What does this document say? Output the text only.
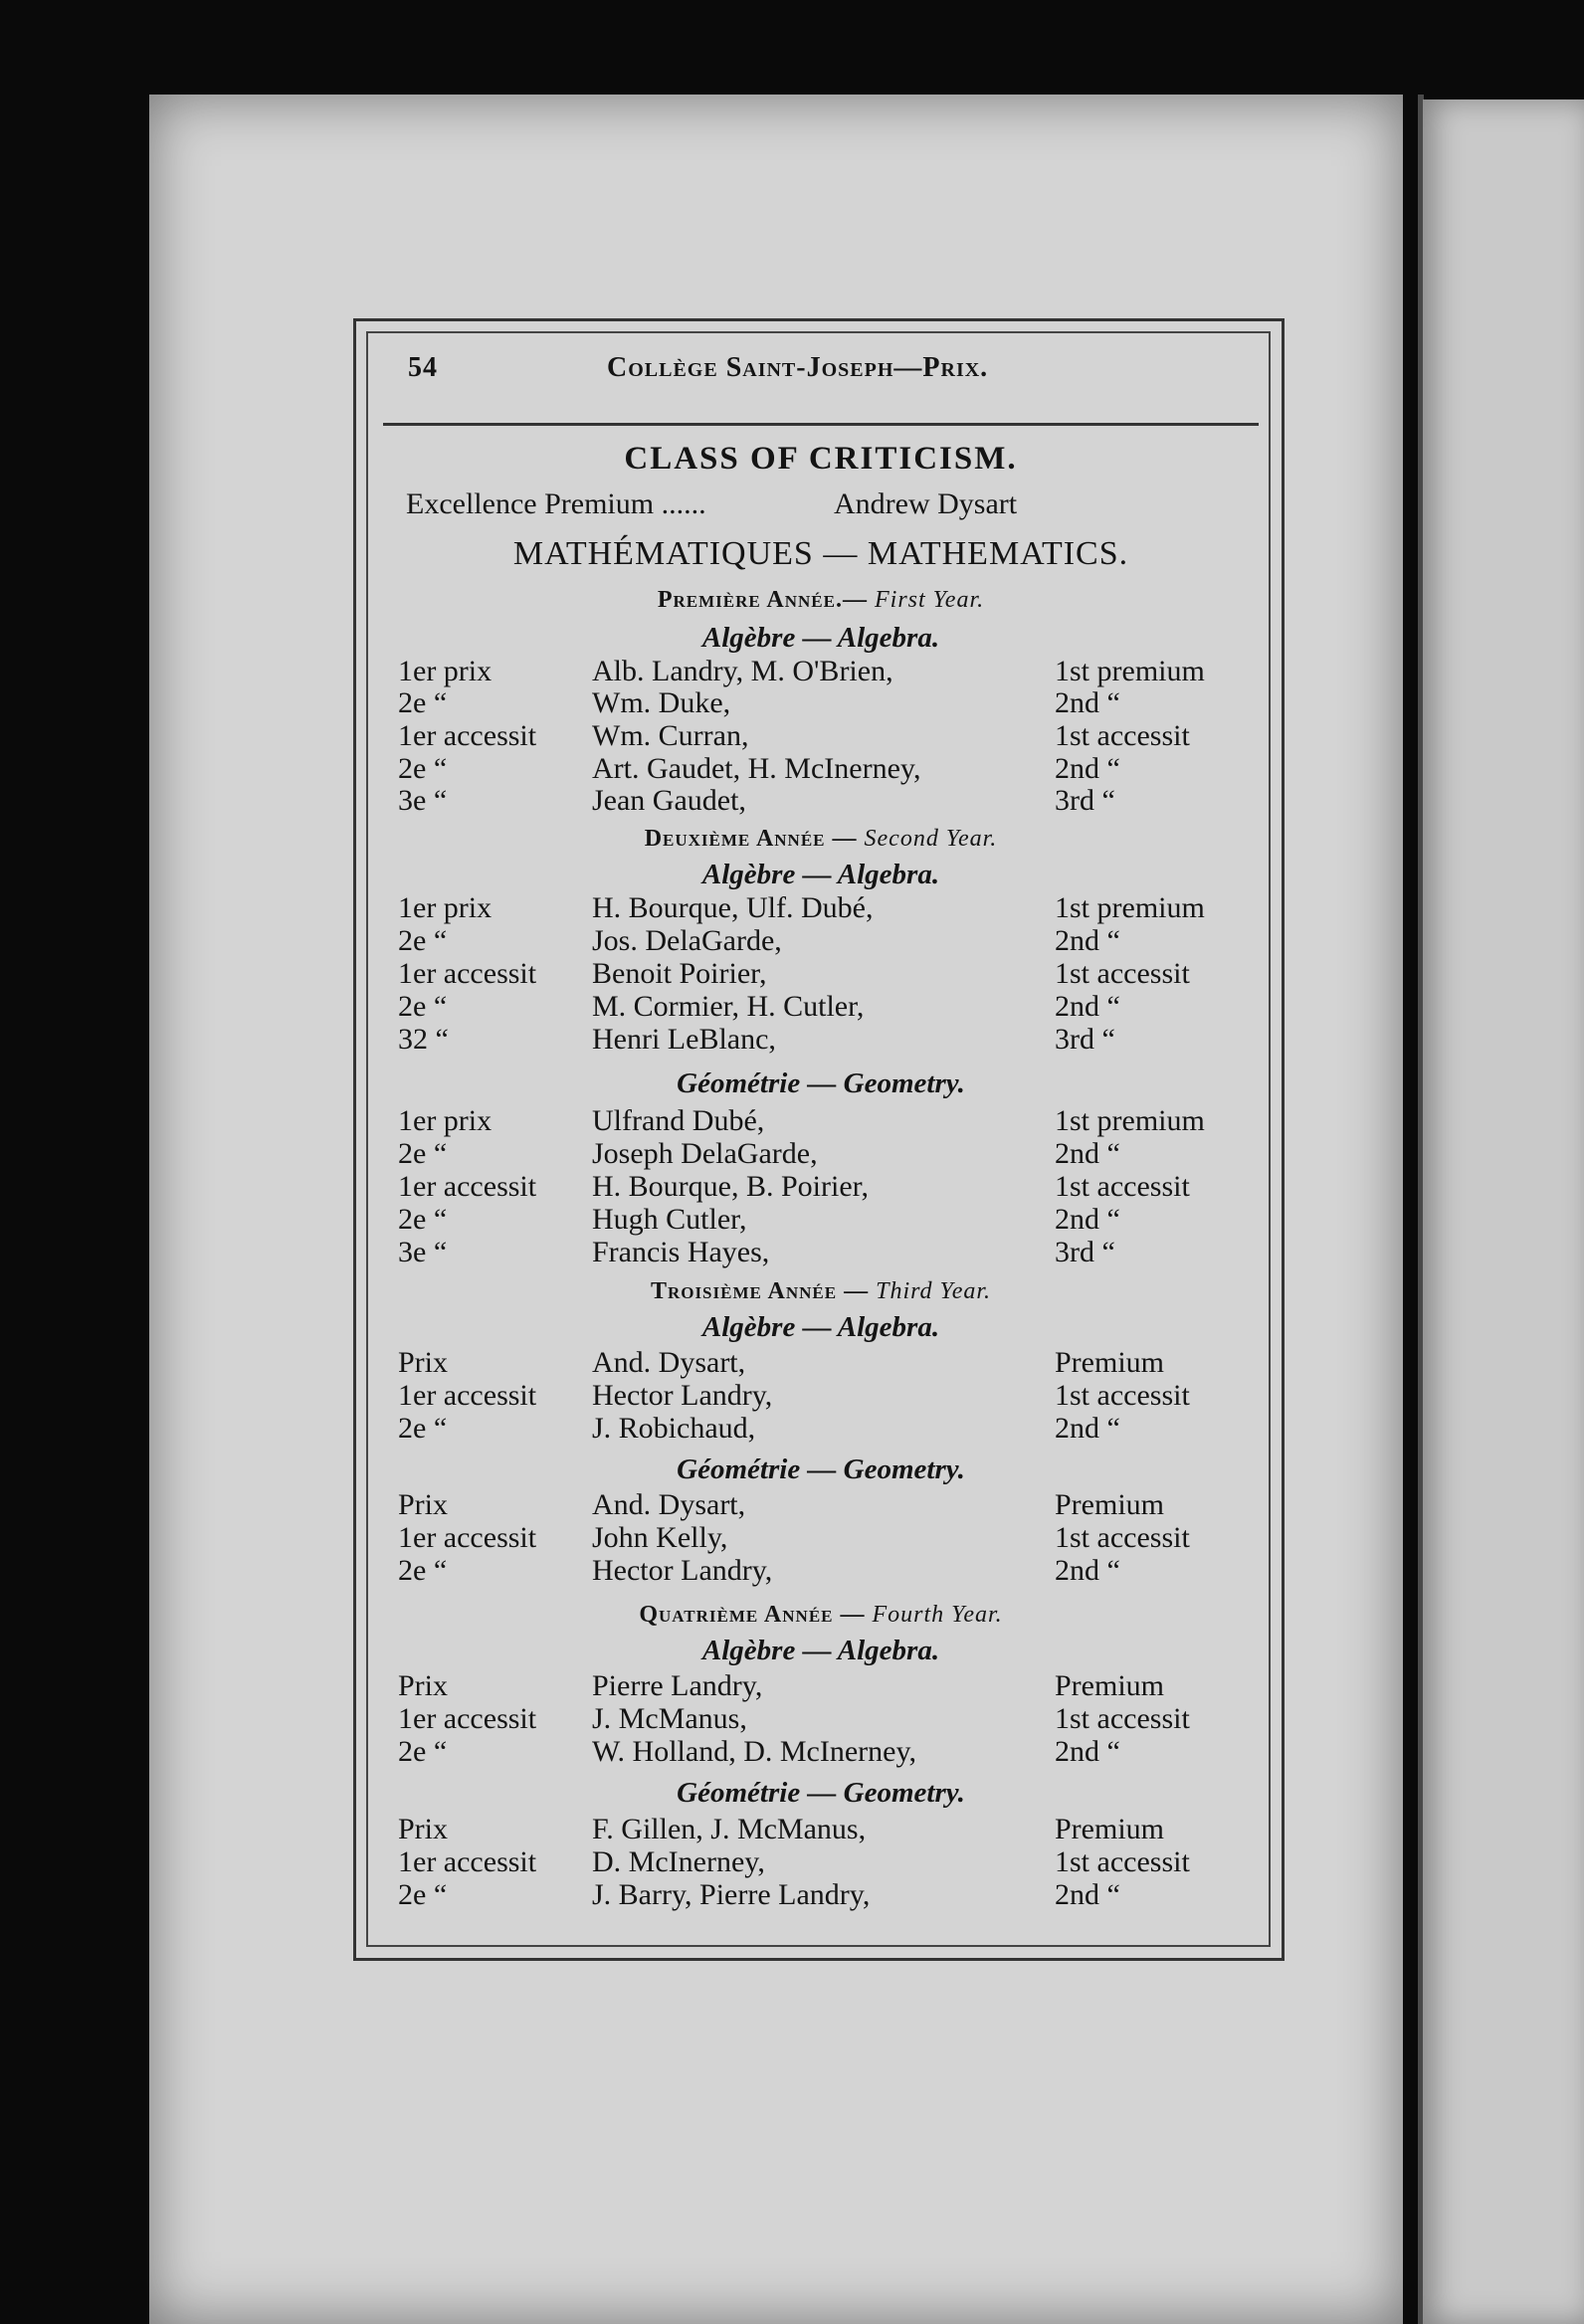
54	Collège Saint-Joseph—Prix.
CLASS OF CRITICISM.
Excellence Premium ......	Andrew Dysart
MATHÉMATIQUES — MATHEMATICS.
Première Année.— First Year.
Algèbre — Algebra.
1er prix	Alb. Landry, M. O'Brien,	1st premium
2e “	Wm. Duke,	2nd “
1er accessit Wm. Curran,	1st accessit
2e “	Art. Gaudet, H. McInerney,	2nd “
3e “	Jean Gaudet,	3rd “
Deuxième Année — Second Year.
Algèbre — Algebra.
1er prix	H. Bourque, Ulf. Dubé,	1st premium
2e “	Jos. DelaGarde,	2nd “
1er accessit Benoit Poirier,	1st accessit
2e “	M. Cormier, H. Cutler,	2nd “
32 “	Henri LeBlanc,	3rd “
Géométrie — Geometry.
1er prix	Ulfrand Dubé,	1st premium
2e “	Joseph DelaGarde,	2nd “
1er accessit H. Bourque, B. Poirier,	1st accessit
2e “	Hugh Cutler,	2nd “
3e “	Francis Hayes,	3rd “
Troisième Année — Third Year.
Algèbre — Algebra.
Prix	And. Dysart,	Premium
1er accessit Hector Landry,	1st accessit
2e “	J. Robichaud,	2nd “
Géométrie — Geometry.
Prix	And. Dysart,	Premium
1er accessit John Kelly,	1st accessit
2e “	Hector Landry,	2nd “
Quatrième Année — Fourth Year.
Algèbre — Algebra.
Prix	Pierre Landry,	Premium
1er accessit J. McManus,	1st accessit
2e “	W. Holland, D. McInerney,	2nd “
Géométrie — Geometry.
Prix	F. Gillen, J. McManus,	Premium
1er accessit D. McInerney,	1st accessit
2e “	J. Barry, Pierre Landry,	2nd “
